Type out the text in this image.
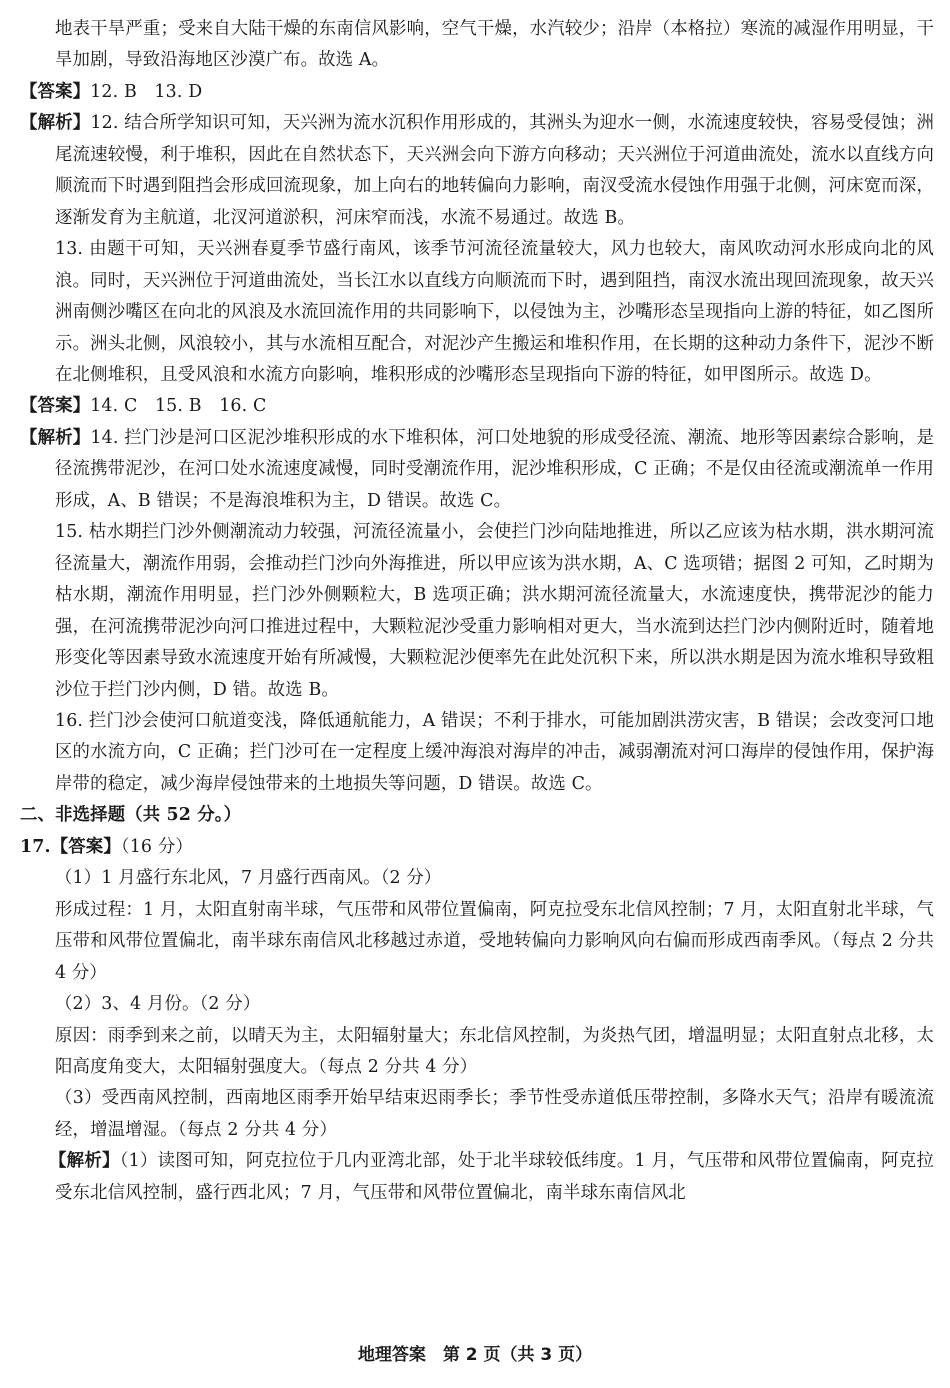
地表干旱严重；受来自大陆干燥的东南信风影响，空气干燥，水汽较少；沿岸（本格拉）寒流的减湿作用明显，干旱加剧，导致沿海地区沙漠广布。故选 A。

【答案】12. B　13. D

【解析】12. 结合所学知识可知，天兴洲为流水沉积作用形成的，其洲头为迎水一侧，水流速度较快，容易受侵蚀；洲尾流速较慢，利于堆积，因此在自然状态下，天兴洲会向下游方向移动；天兴洲位于河道曲流处，流水以直线方向顺流而下时遇到阻挡会形成回流现象，加上向右的地转偏向力影响，南汊受流水侵蚀作用强于北侧，河床宽而深，逐渐发育为主航道，北汊河道淤积，河床窄而浅，水流不易通过。故选 B。

13. 由题干可知，天兴洲春夏季节盛行南风，该季节河流径流量较大，风力也较大，南风吹动河水形成向北的风浪。同时，天兴洲位于河道曲流处，当长江水以直线方向顺流而下时，遇到阻挡，南汊水流出现回流现象，故天兴洲南侧沙嘴区在向北的风浪及水流回流作用的共同影响下，以侵蚀为主，沙嘴形态呈现指向上游的特征，如乙图所示。洲头北侧，风浪较小，其与水流相互配合，对泥沙产生搬运和堆积作用，在长期的这种动力条件下，泥沙不断在北侧堆积，且受风浪和水流方向影响，堆积形成的沙嘴形态呈现指向下游的特征，如甲图所示。故选 D。

【答案】14. C　15. B　16. C

【解析】14. 拦门沙是河口区泥沙堆积形成的水下堆积体，河口处地貌的形成受径流、潮流、地形等因素综合影响，是径流携带泥沙，在河口处水流速度减慢，同时受潮流作用，泥沙堆积形成，C 正确；不是仅由径流或潮流单一作用形成，A、B 错误；不是海浪堆积为主，D 错误。故选 C。

15. 枯水期拦门沙外侧潮流动力较强，河流径流量小，会使拦门沙向陆地推进，所以乙应该为枯水期，洪水期河流径流量大，潮流作用弱，会推动拦门沙向外海推进，所以甲应该为洪水期，A、C 选项错；据图 2 可知，乙时期为枯水期，潮流作用明显，拦门沙外侧颗粒大，B 选项正确；洪水期河流径流量大，水流速度快，携带泥沙的能力强，在河流携带泥沙向河口推进过程中，大颗粒泥沙受重力影响相对更大，当水流到达拦门沙内侧附近时，随着地形变化等因素导致水流速度开始有所减慢，大颗粒泥沙便率先在此处沉积下来，所以洪水期是因为流水堆积导致粗沙位于拦门沙内侧，D 错。故选 B。

16. 拦门沙会使河口航道变浅，降低通航能力，A 错误；不利于排水，可能加剧洪涝灾害，B 错误；会改变河口地区的水流方向，C 正确；拦门沙可在一定程度上缓冲海浪对海岸的冲击，减弱潮流对河口海岸的侵蚀作用，保护海岸带的稳定，减少海岸侵蚀带来的土地损失等问题，D 错误。故选 C。

二、非选择题（共 52 分。）

17.【答案】（16 分）

（1）1 月盛行东北风，7 月盛行西南风。（2 分）

形成过程：1 月，太阳直射南半球，气压带和风带位置偏南，阿克拉受东北信风控制；7 月，太阳直射北半球，气压带和风带位置偏北，南半球东南信风北移越过赤道，受地转偏向力影响风向右偏而形成西南季风。（每点 2 分共 4 分）

（2）3、4 月份。（2 分）

原因：雨季到来之前，以晴天为主，太阳辐射量大；东北信风控制，为炎热气团，增温明显；太阳直射点北移，太阳高度角变大，太阳辐射强度大。（每点 2 分共 4 分）

（3）受西南风控制，西南地区雨季开始早结束迟雨季长；季节性受赤道低压带控制，多降水天气；沿岸有暖流流经，增温增湿。（每点 2 分共 4 分）

【解析】（1）读图可知，阿克拉位于几内亚湾北部，处于北半球较低纬度。1 月，气压带和风带位置偏南，阿克拉受东北信风控制，盛行西北风；7 月，气压带和风带位置偏北，南半球东南信风北

地理答案　第 2 页（共 3 页）
